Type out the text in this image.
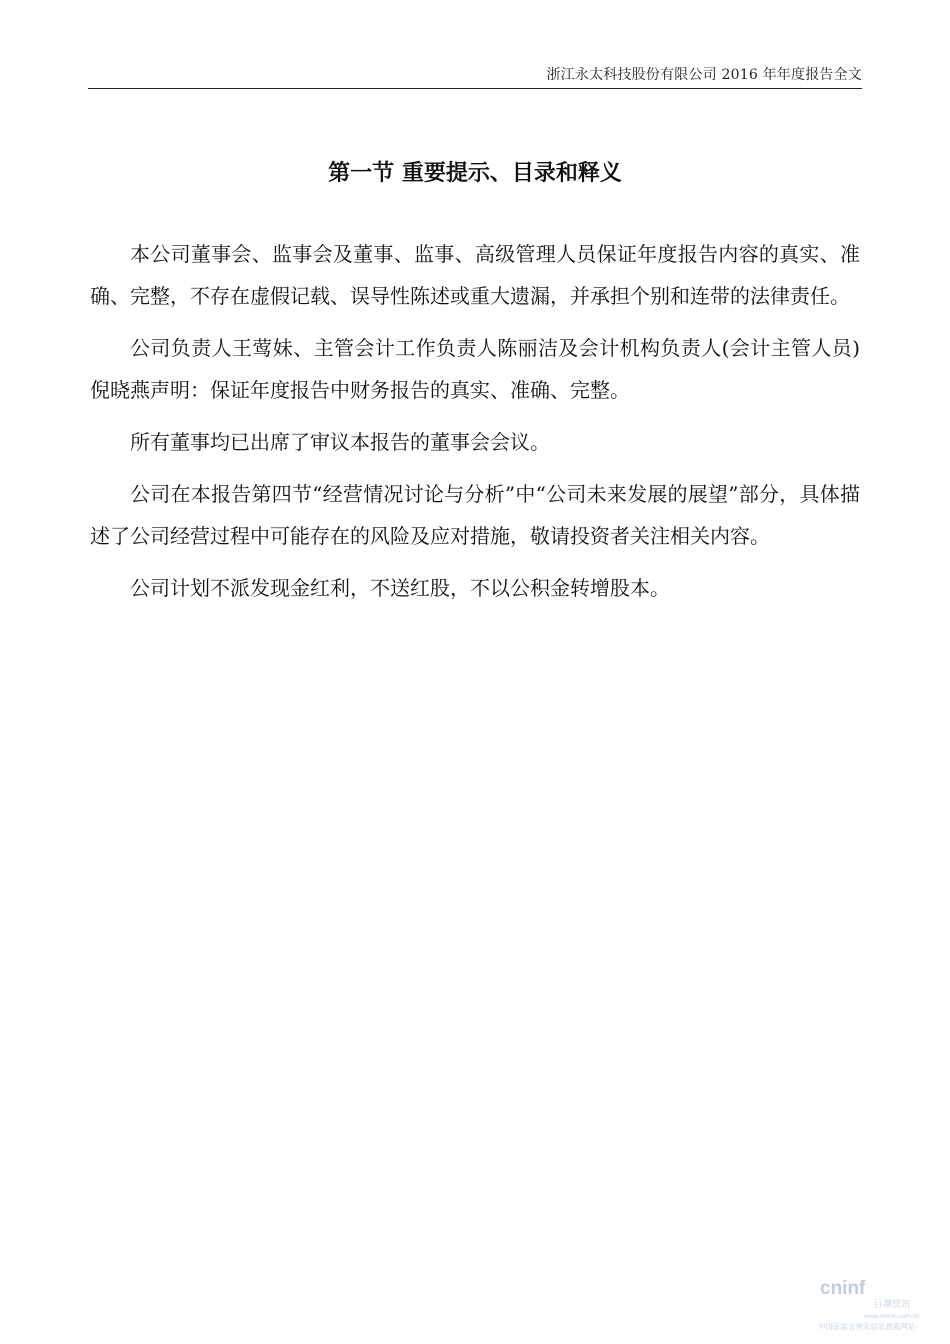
浙江永太科技股份有限公司 2016 年年度报告全文
第一节 重要提示、目录和释义

本公司董事会、监事会及董事、监事、高级管理人员保证年度报告内容的真实、准确、完整，不存在虚假记载、误导性陈述或重大遗漏，并承担个别和连带的法律责任。

公司负责人王莺妹、主管会计工作负责人陈丽洁及会计机构负责人(会计主管人员)倪晓燕声明：保证年度报告中财务报告的真实、准确、完整。

所有董事均已出席了审议本报告的董事会会议。

公司在本报告第四节“经营情况讨论与分析”中“公司未来发展的展望”部分，具体描述了公司经营过程中可能存在的风险及应对措施，敬请投资者关注相关内容。

公司计划不派发现金红利，不送红股，不以公积金转增股本。

cninf
巨潮资讯
www.cninfo.com.cn
中国证监会指定信息披露网站
